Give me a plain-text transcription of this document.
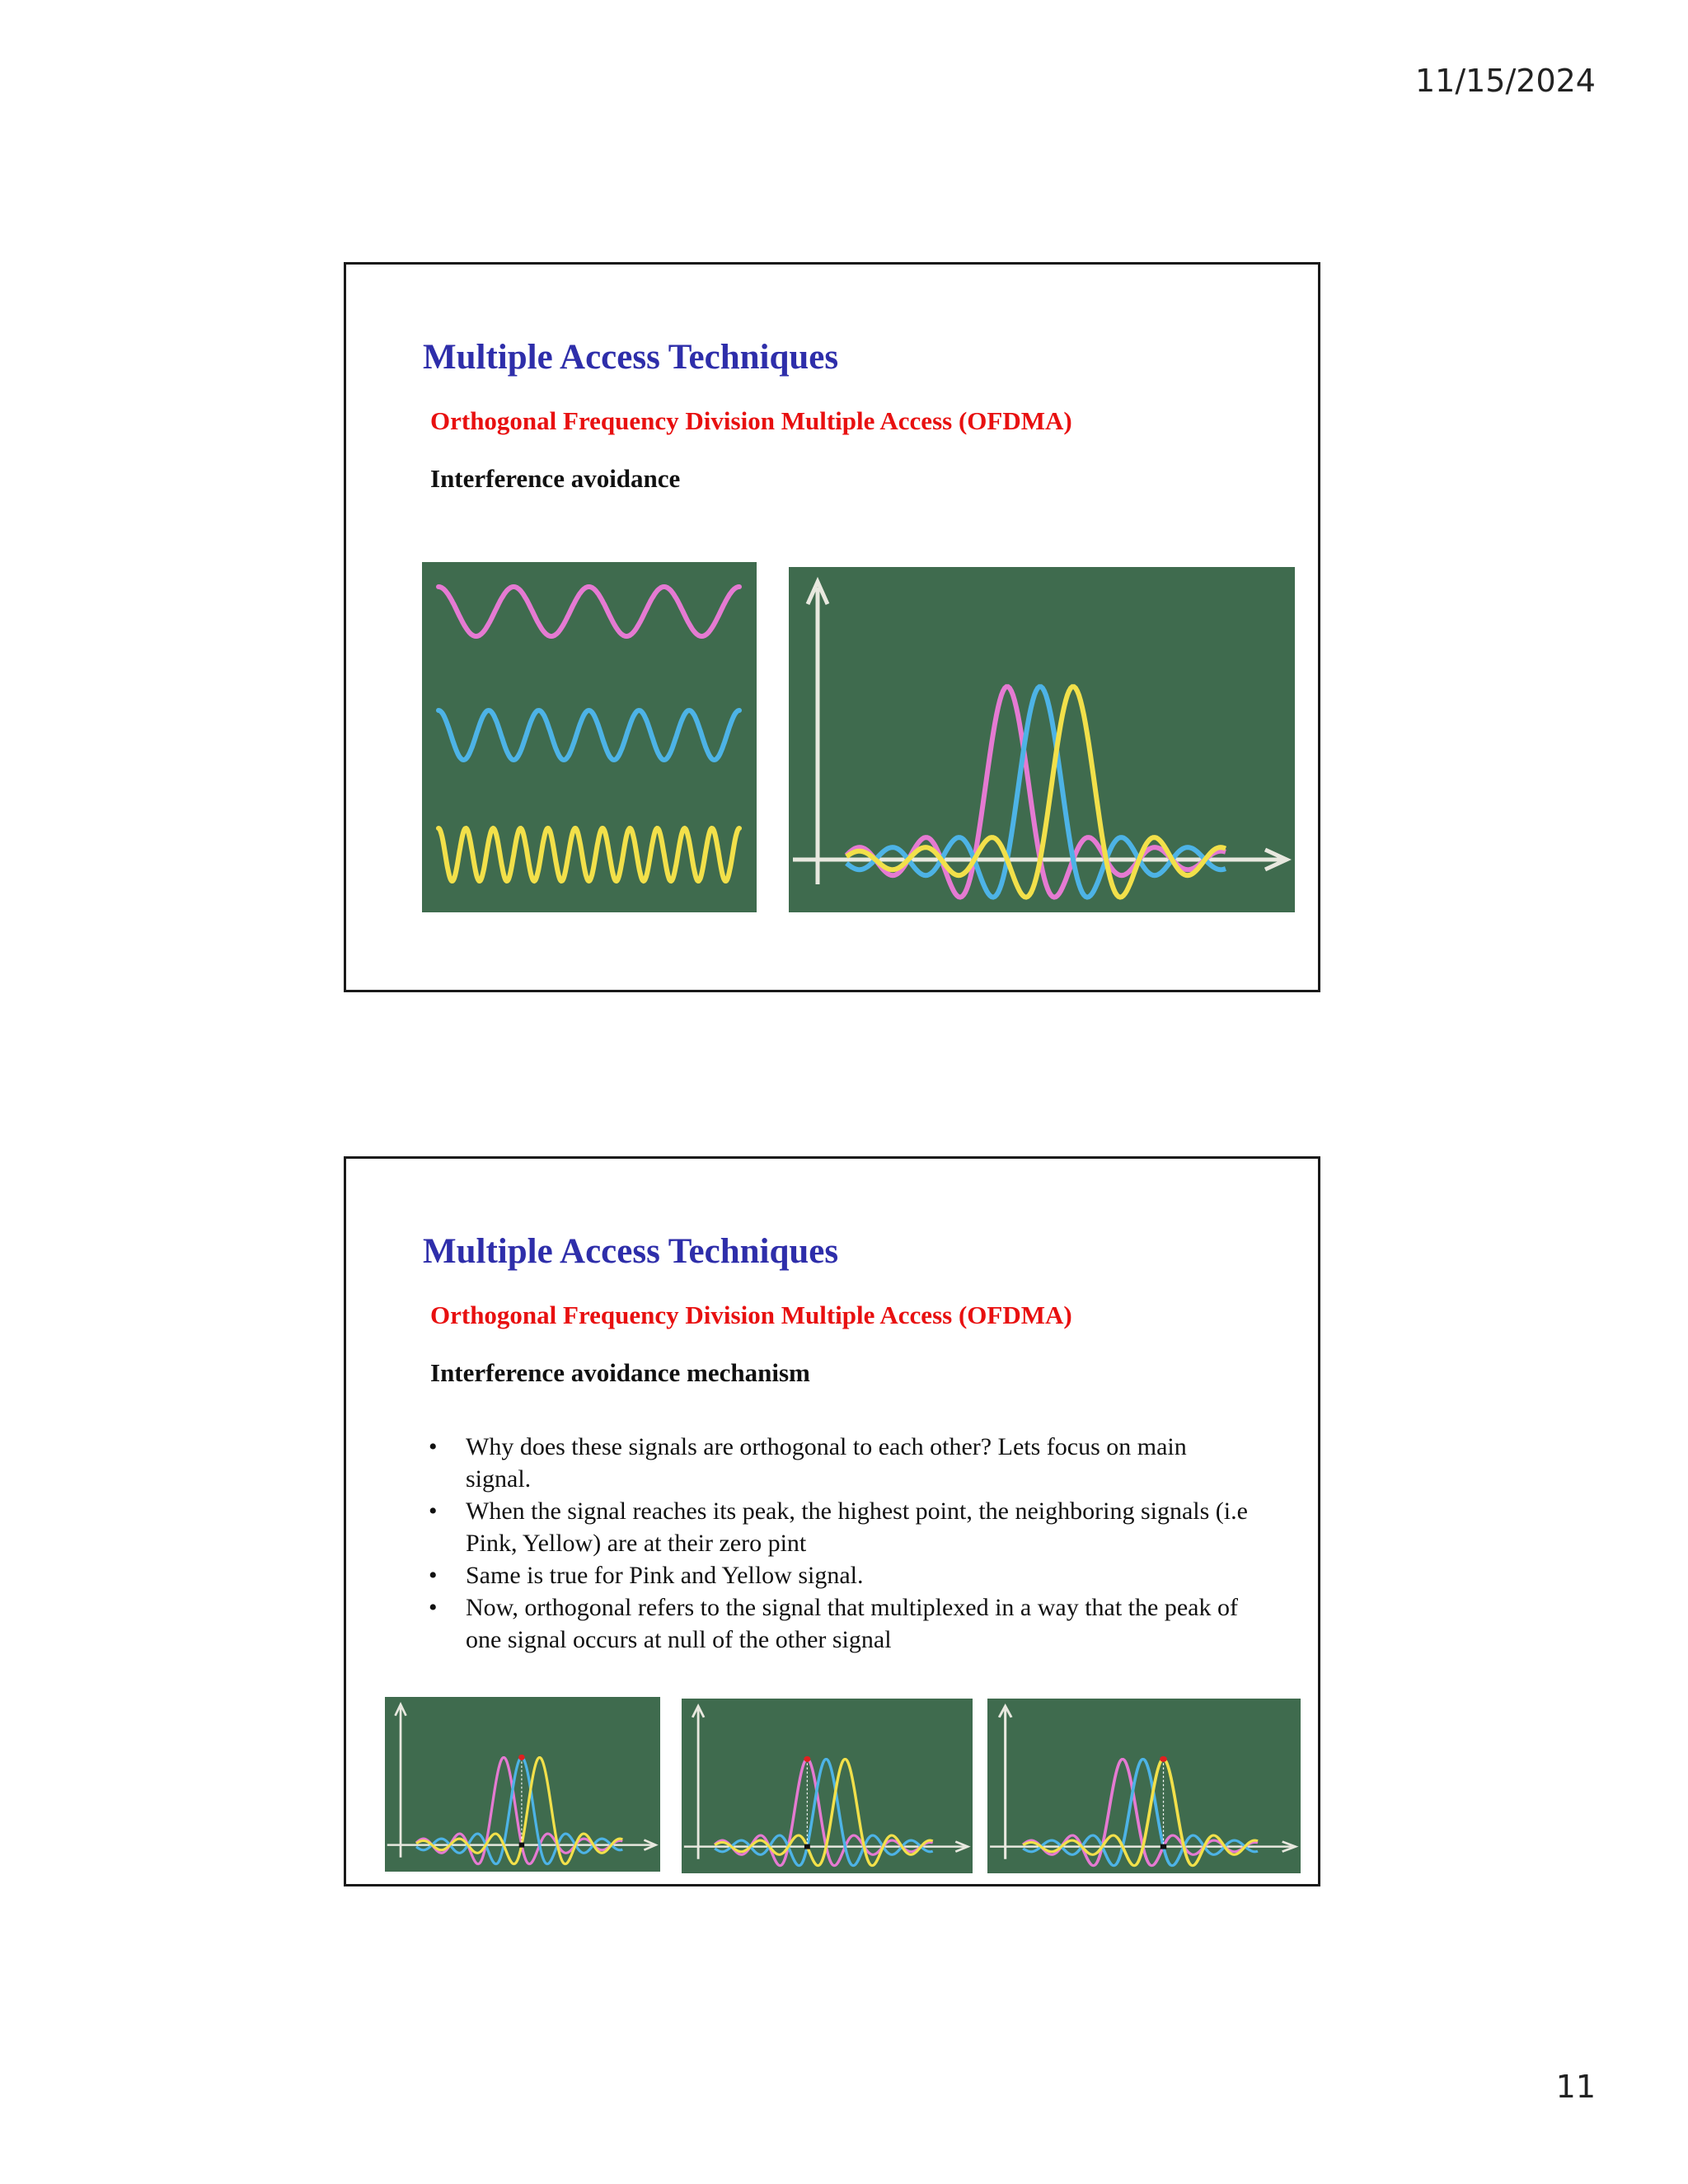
11/15/2024
Multiple Access Techniques
Orthogonal Frequency Division Multiple Access (OFDMA)
Interference avoidance
Multiple Access Techniques
Orthogonal Frequency Division Multiple Access (OFDMA)
Interference avoidance mechanism
• Why does these signals are orthogonal to each other? Lets focus on main signal.
• When the signal reaches its peak, the highest point, the neighboring signals (i.e Pink, Yellow) are at their zero pint
• Same is true for Pink and Yellow signal.
• Now, orthogonal refers to the signal that multiplexed in a way that the peak of one signal occurs at null of the other signal
11
